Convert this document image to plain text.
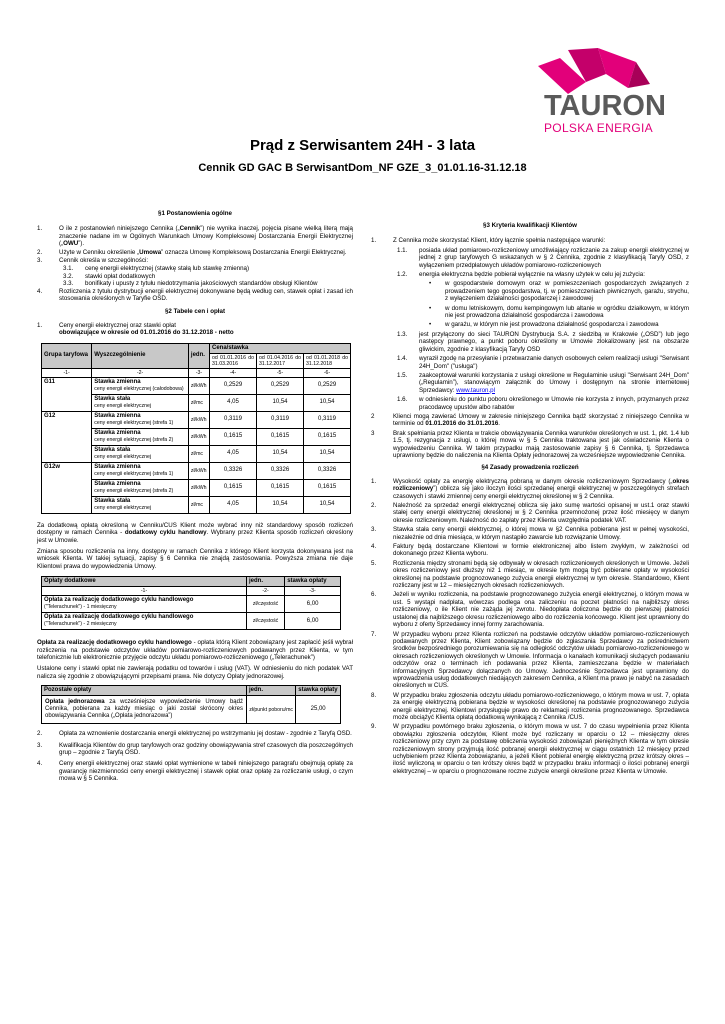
TAURON
POLSKA ENERGIA
Prąd z Serwisantem 24H - 3 lata
Cennik GD GAC B SerwisantDom_NF GZE_3_01.01.16-31.12.18
§1 Postanowienia ogólne
1.	O ile z postanowień niniejszego Cennika („Cennik”) nie wynika inaczej, pojęcia pisane wielką literą mają znaczenie nadane im w Ogólnych Warunkach Umowy Kompleksowej Dostarczania Energii Elektrycznej („OWU”).
2.	Użyte w Cenniku określenie „Umowa” oznacza Umowę Kompleksową Dostarczania Energii Elektrycznej.
3.	Cennik określa w szczególności:
3.1. cenę energii elektrycznej (stawkę stałą lub stawkę zmienną)
3.2. stawki opłat dodatkowych
3.3. bonifikaty i upusty z tytułu niedotrzymania jakościowych standardów obsługi Klientów
4.	Rozliczenia z tytułu dystrybucji energii elektrycznej dokonywane będą według cen, stawek opłat i zasad ich stosowania określonych w Taryfie OSD.
§2 Tabele cen i opłat
1.	Ceny energii elektrycznej oraz stawki opłat
obowiązujące w okresie od 01.01.2016 do 31.12.2018 - netto
Grupa taryfowa	Wyszczególnienie	jedn.	Cena/stawka		
			od 01.01.2016 do 31.03.2016	od 01.04.2016 do 31.12.2017	od 01.01.2018 do 31.12.2018
-1-	-2-	-3-	-4-	-5-	-6-
G11	Stawka zmienna
ceny energii elektrycznej (całodobowa)	zł/kWh	0,2529	0,2529	0,2529
	Stawka stała
ceny energii elektrycznej	zł/mc	4,05	10,54	10,54
G12	Stawka zmienna
ceny energii elektrycznej (strefa 1)	zł/kWh	0,3119	0,3119	0,3119
	Stawka zmienna
ceny energii elektrycznej (strefa 2)	zł/kWh	0,1615	0,1615	0,1615
	Stawka stała
ceny energii elektrycznej	zł/mc	4,05	10,54	10,54
G12w	Stawka zmienna
ceny energii elektrycznej (strefa 1)	zł/kWh	0,3326	0,3326	0,3326
	Stawka zmienna
ceny energii elektrycznej (strefa 2)	zł/kWh	0,1615	0,1615	0,1615
	Stawka stała
ceny energii elektrycznej	zł/mc	4,05	10,54	10,54
Za dodatkową opłatą określoną w Cenniku/CUS Klient może wybrać inny niż standardowy sposób rozliczeń dostępny w ramach Cennika - dodatkowy cyklu handlowy. Wybrany przez Klienta sposób rozliczeń określony jest w Umowie.
Zmiana sposobu rozliczenia na inny, dostępny w ramach Cennika z którego Klient korzysta dokonywana jest na wniosek Klienta. W takiej sytuacji, zapisy § 6 Cennika nie znajdą zastosowania. Powyższa zmiana nie daje Klientowi prawa do wypowiedzenia Umowy.
Opłaty dodatkowe	jedn.	stawka opłaty
-1-	-2-	-3-
Opłata za realizację dodatkowego cyklu handlowego
("Telerachunek") - 1 miesięczny	zł/częstość	6,00
Opłata za realizację dodatkowego cyklu handlowego
("Telerachunek") - 2 miesięczny	zł/częstość	6,00
Opłata za realizację dodatkowego cyklu handlowego - opłata którą Klient zobowiązany jest zapłacić jeśli wybrał rozliczenia na podstawie odczytów układów pomiarowo-rozliczeniowych podawanych przez Klienta, w tym telefonicznie lub elektronicznie przyjęcie odczytu układu pomiarowo-rozliczeniowego („Telerachunek”)
Ustalone ceny i stawki opłat nie zawierają podatku od towarów i usług (VAT). W odniesieniu do nich podatek VAT nalicza się zgodnie z obowiązującymi przepisami prawa. Nie dotyczy Opłaty jednorazowej.
Pozostałe opłaty	jedn.	stawka opłaty
Opłata jednorazowa za wcześniejsze wypowiedzenie Umowy bądź Cennika, pobierana za każdy miesiąc o jaki został skrócony okres obowiązywania Cennika („Opłata jednorazowa”)	zł/punkt poboru/mc	25,00
2.	Opłata za wznowienie dostarczania energii elektrycznej po wstrzymaniu jej dostaw - zgodnie z Taryfą OSD.
3.	Kwalifikacja Klientów do grup taryfowych oraz godziny obowiązywania stref czasowych dla poszczególnych grup – zgodnie z Taryfą OSD.
4.	Ceny energii elektrycznej oraz stawki opłat wymienione w tabeli niniejszego paragrafu obejmują opłatę za gwarancję niezmienności ceny energii elektrycznej i stawek opłat oraz opłatę za rozliczanie usługi, o czym mowa w § 5 Cennika.
§3 Kryteria kwalifikacji Klientów
1.	Z Cennika może skorzystać Klient, który łącznie spełnia następujące warunki:
1.1. posiada układ pomiarowo-rozliczeniowy umożliwiający rozliczanie za zakup energii elektrycznej w jednej z grup taryfowych G wskazanych w § 2 Cennika, zgodnie z klasyfikacją Taryfy OSD, z wyłączeniem przedpłatowych układów pomiarowo-rozliczeniowych
1.2. energia elektryczna będzie pobierał wyłącznie na własny użytek w celu jej zużycia:
• w gospodarstwie domowym oraz w pomieszczeniach gospodarczych związanych z prowadzeniem tego gospodarstwa, tj. w pomieszczeniach piwnicznych, garażu, strychu, z wyłączeniem działalności gospodarczej i zawodowej
• w domu letniskowym, domu kempingowym lub altanie w ogródku działkowym, w którym nie jest prowadzona działalność gospodarcza i zawodowa
• w garażu, w którym nie jest prowadzona działalność gospodarcza i zawodowa
1.3. jest przyłączony do sieci TAURON Dystrybucja S.A. z siedzibą w Krakowie („OSD”) lub jego następcy prawnego, a punkt poboru określony w Umowie zlokalizowany jest na obszarze gliwickim, zgodnie z klasyfikacją Taryfy OSD
1.4. wyraził zgodę na przesyłanie i przetwarzanie danych osobowych celem realizacji usługi "Serwisant 24H_Dom" ("usługa")
1.5. zaakceptował warunki korzystania z usługi określone w Regulaminie usługi "Serwisant 24H_Dom" („Regulamin”), stanowiącym załącznik do Umowy i dostępnym na stronie internetowej Sprzedawcy: www.tauron.pl
1.6. w odniesieniu do punktu poboru określonego w Umowie nie korzysta z innych, przyznanych przez pracodawcę upustów albo rabatów
2	Klienci mogą zawierać Umowy w zakresie niniejszego Cennika bądź skorzystać z niniejszego Cennika w terminie od 01.01.2016 do 31.01.2016.
3	Brak spełniania przez Klienta w trakcie obowiązywania Cennika warunków określonych w ust. 1, pkt. 1.4 lub 1.5, tj. rezygnacja z usługi, o której mowa w § 5 Cennika traktowana jest jak oświadczenie Klienta o wypowiedzeniu Cennika. W takim przypadku mają zastosowanie zapisy § 6 Cennika, tj. Sprzedawca uprawniony będzie do naliczenia na Klienta Opłaty jednorazowej za wcześniejsze wypowiedzenie Cennika.
§4 Zasady prowadzenia rozliczeń
1.	Wysokość opłaty za energię elektryczną pobraną w danym okresie rozliczeniowym Sprzedawcy („okres rozliczeniowy”) oblicza się jako iloczyn ilości sprzedanej energii elektrycznej w poszczególnych strefach czasowych i stawki zmiennej ceny energii elektrycznej określonej w § 2 Cennika.
2.	Należność za sprzedaż energii elektrycznej oblicza się jako sumę wartości opisanej w ust.1 oraz stawki stałej ceny energii elektrycznej określonej w § 2 Cennika przemnożonej przez ilość miesięcy w danym okresie rozliczeniowym. Należność do zapłaty przez Klienta uwzględnia podatek VAT.
3.	Stawka stała ceny energii elektrycznej, o której mowa w §2 Cennika pobierana jest w pełnej wysokości, niezależnie od dnia miesiąca, w którym nastąpiło zawarcie lub rozwiązanie Umowy.
4.	Faktury będą dostarczane Klientowi w formie elektronicznej albo listem zwykłym, w zależności od dokonanego przez Klienta wyboru.
5.	Rozliczenia między stronami będą się odbywały w okresach rozliczeniowych określonych w Umowie. Jeżeli okres rozliczeniowy jest dłuższy niż 1 miesiąc, w okresie tym mogą być pobierane opłaty w wysokości określonej na podstawie prognozowanego zużycia energii elektrycznej w tym okresie. Standardowo, Klient rozliczany jest w 12 – miesięcznych okresach rozliczeniowych.
6.	Jeżeli w wyniku rozliczenia, na podstawie prognozowanego zużycia energii elektrycznej, o którym mowa w ust. 5 wystąpi nadpłata, wówczas podlega ona zaliczeniu na poczet płatności na najbliższy okres rozliczeniowy, o ile Klient nie zażąda jej zwrotu. Niedopłata doliczona będzie do pierwszej płatności ustalonej dla najbliższego okresu rozliczeniowego albo do rozliczenia końcowego. Klient jest uprawniony do wyboru z oferty Sprzedawcy innej formy zarachowania.
7.	W przypadku wyboru przez Klienta rozliczeń na podstawie odczytów układów pomiarowo-rozliczeniowych podawanych przez Klienta, Klient zobowiązany będzie do zgłaszania Sprzedawcy za pośrednictwem środków bezpośredniego porozumiewania się na odległość odczytów układu pomiarowo-rozliczeniowego w okresach rozliczeniowych określonych w Umowie. Informacja o kanałach komunikacji służących podawaniu odczytów oraz o terminach ich podawania przez Klienta, zamieszczana będzie w materiałach informacyjnych Sprzedawcy dołączanych do Umowy. Jednocześnie Sprzedawca jest uprawniony do wprowadzenia usług dodatkowych niedających zakresem Cennika, a Klient ma prawo je nabyć na zasadach określonych w CUS.
8.	W przypadku braku zgłoszenia odczytu układu pomiarowo-rozliczeniowego, o którym mowa w ust. 7, opłata za energię elektryczną pobierana będzie w wysokości określonej na podstawie prognozowanego zużycia energii elektrycznej. Klientowi przysługuje prawo do reklamacji rozliczenia prognozowanego. Sprzedawca może obciążyć Klienta opłatą dodatkową wynikającą z Cennika /CUS.
9.	W przypadku powtórnego braku zgłoszenia, o którym mowa w ust. 7 do czasu wypełnienia przez Klienta obowiązku zgłoszenia odczytów, Klient może być rozliczany w oparciu o 12 – miesięczny okres rozliczeniowy przy czym za podstawę obliczenia wysokości zobowiązań pieniężnych Klienta w tym okresie rozliczeniowym strony przyjmują ilość pobranej energii elektrycznej w ciągu ostatnich 12 miesięcy przed uchybieniem przez Klienta zobowiązaniu, a jeżeli Klient pobierał energię elektryczną przez krótszy okres – ilość wyliczoną w oparciu o ten krótszy okres bądź w przypadku braku informacji o ilości pobranej energii elektrycznej – w oparciu o prognozowane roczne zużycie energii określone przez Klienta w Umowie.
